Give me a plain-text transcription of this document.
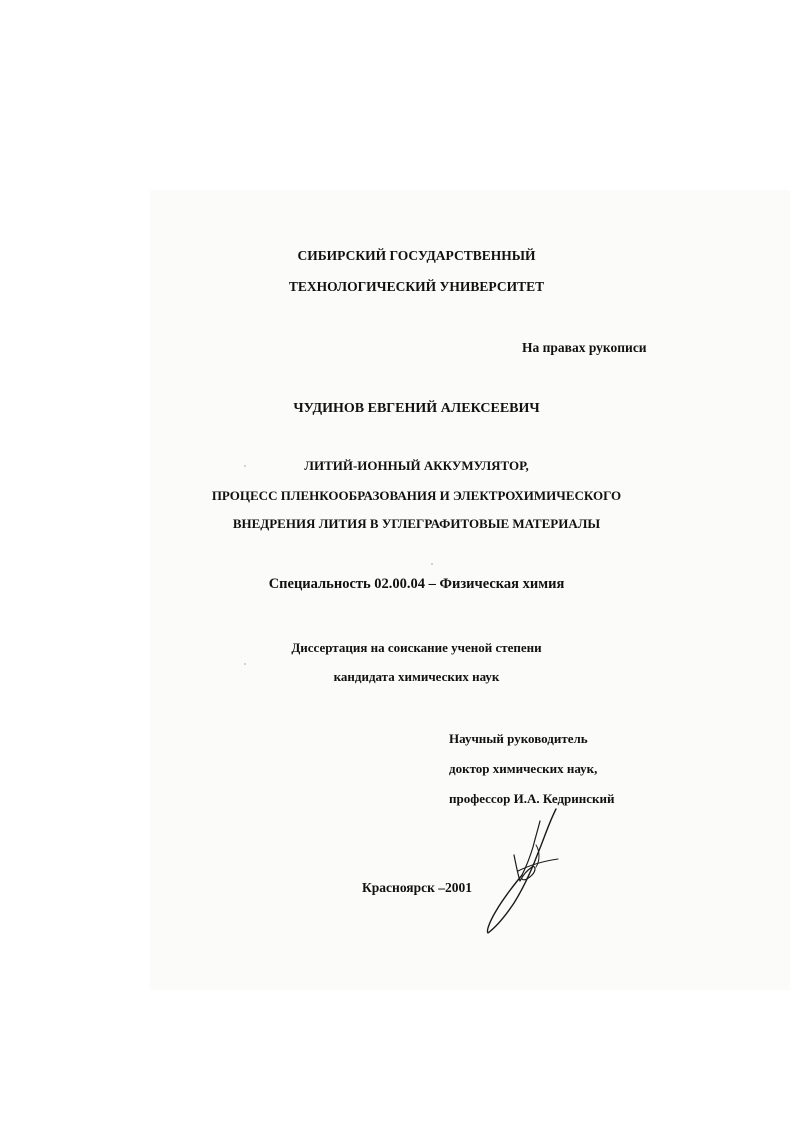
СИБИРСКИЙ ГОСУДАРСТВЕННЫЙ
ТЕХНОЛОГИЧЕСКИЙ УНИВЕРСИТЕТ
На правах рукописи
ЧУДИНОВ ЕВГЕНИЙ АЛЕКСЕЕВИЧ
ЛИТИЙ-ИОННЫЙ АККУМУЛЯТОР,
ПРОЦЕСС ПЛЕНКООБРАЗОВАНИЯ И ЭЛЕКТРОХИМИЧЕСКОГО
ВНЕДРЕНИЯ ЛИТИЯ В УГЛЕГРАФИТОВЫЕ МАТЕРИАЛЫ
Специальность 02.00.04 – Физическая химия
Диссертация на соискание ученой степени
кандидата химических наук
Научный руководитель
доктор химических наук,
профессор И.А. Кедринский
Красноярск –2001
